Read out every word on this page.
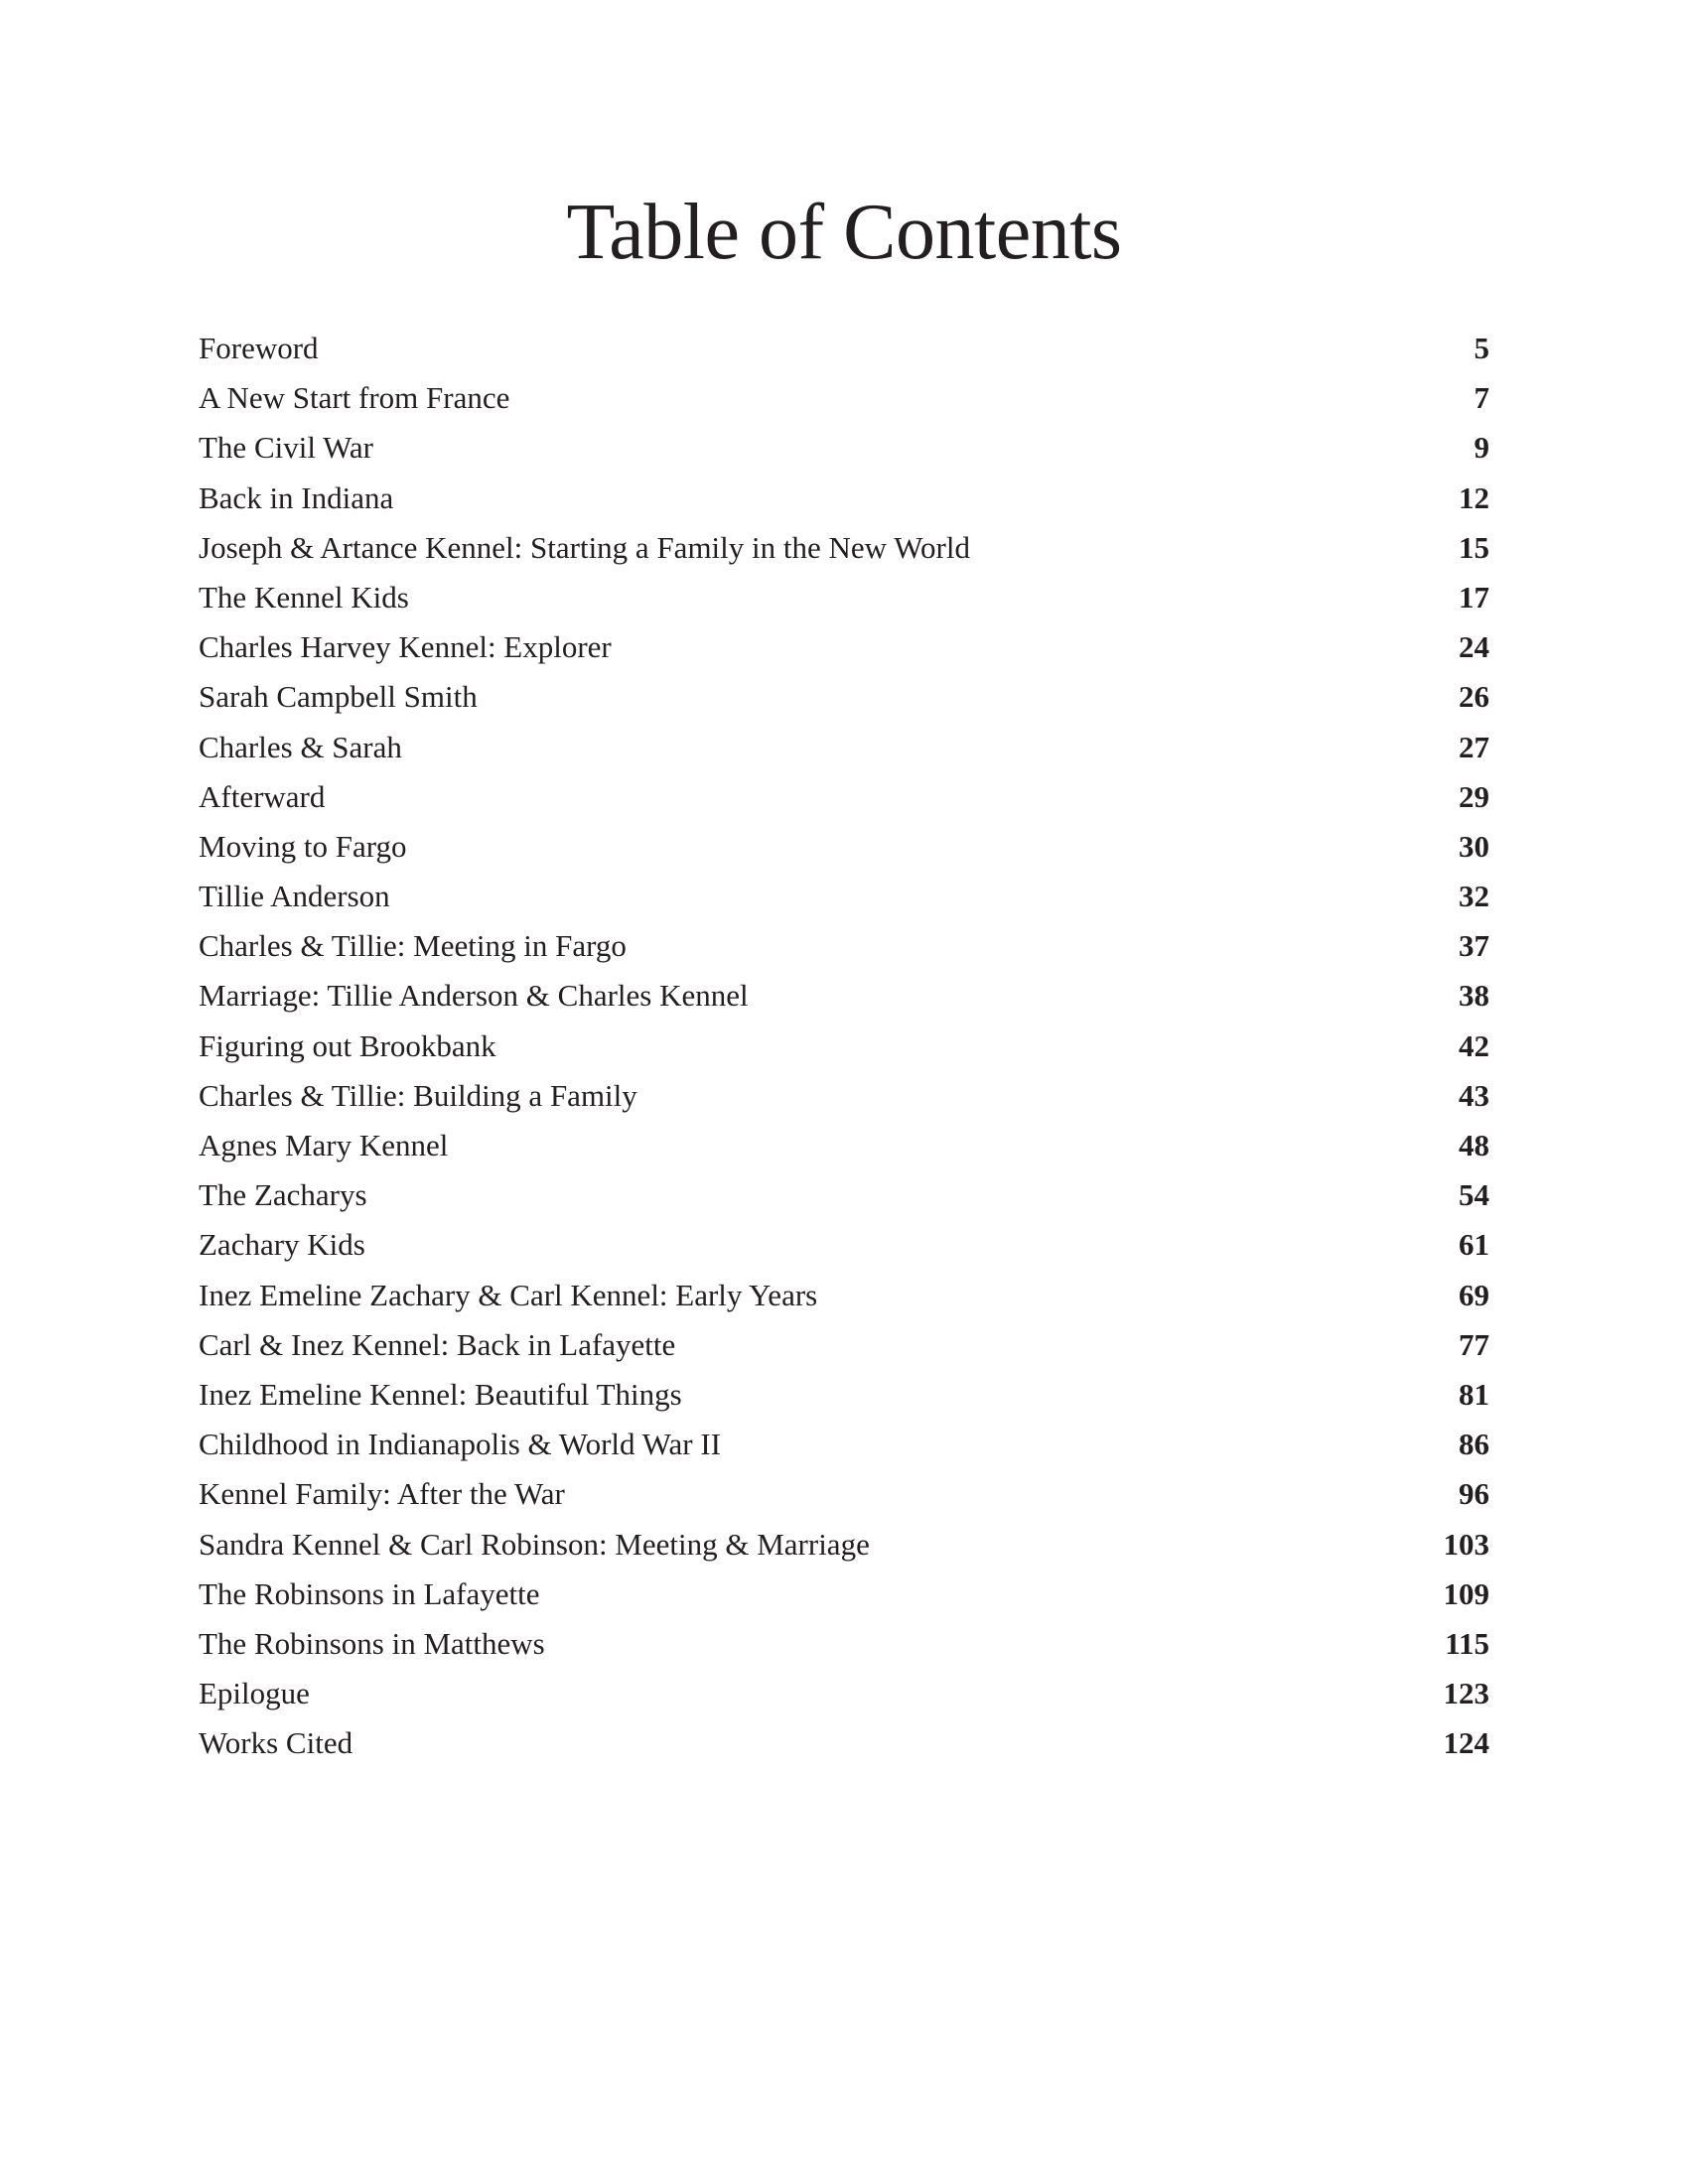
Table of Contents
Foreword	5
A New Start from France	7
The Civil War	9
Back in Indiana	12
Joseph & Artance Kennel: Starting a Family in the New World	15
The Kennel Kids	17
Charles Harvey Kennel: Explorer	24
Sarah Campbell Smith	26
Charles & Sarah	27
Afterward	29
Moving to Fargo	30
Tillie Anderson	32
Charles & Tillie: Meeting in Fargo	37
Marriage: Tillie Anderson & Charles Kennel	38
Figuring out Brookbank	42
Charles & Tillie: Building a Family	43
Agnes Mary Kennel	48
The Zacharys	54
Zachary Kids	61
Inez Emeline Zachary & Carl Kennel: Early Years	69
Carl & Inez Kennel: Back in Lafayette	77
Inez Emeline Kennel: Beautiful Things	81
Childhood in Indianapolis & World War II	86
Kennel Family: After the War	96
Sandra Kennel & Carl Robinson: Meeting & Marriage	103
The Robinsons in Lafayette	109
The Robinsons in Matthews	115
Epilogue	123
Works Cited	124
